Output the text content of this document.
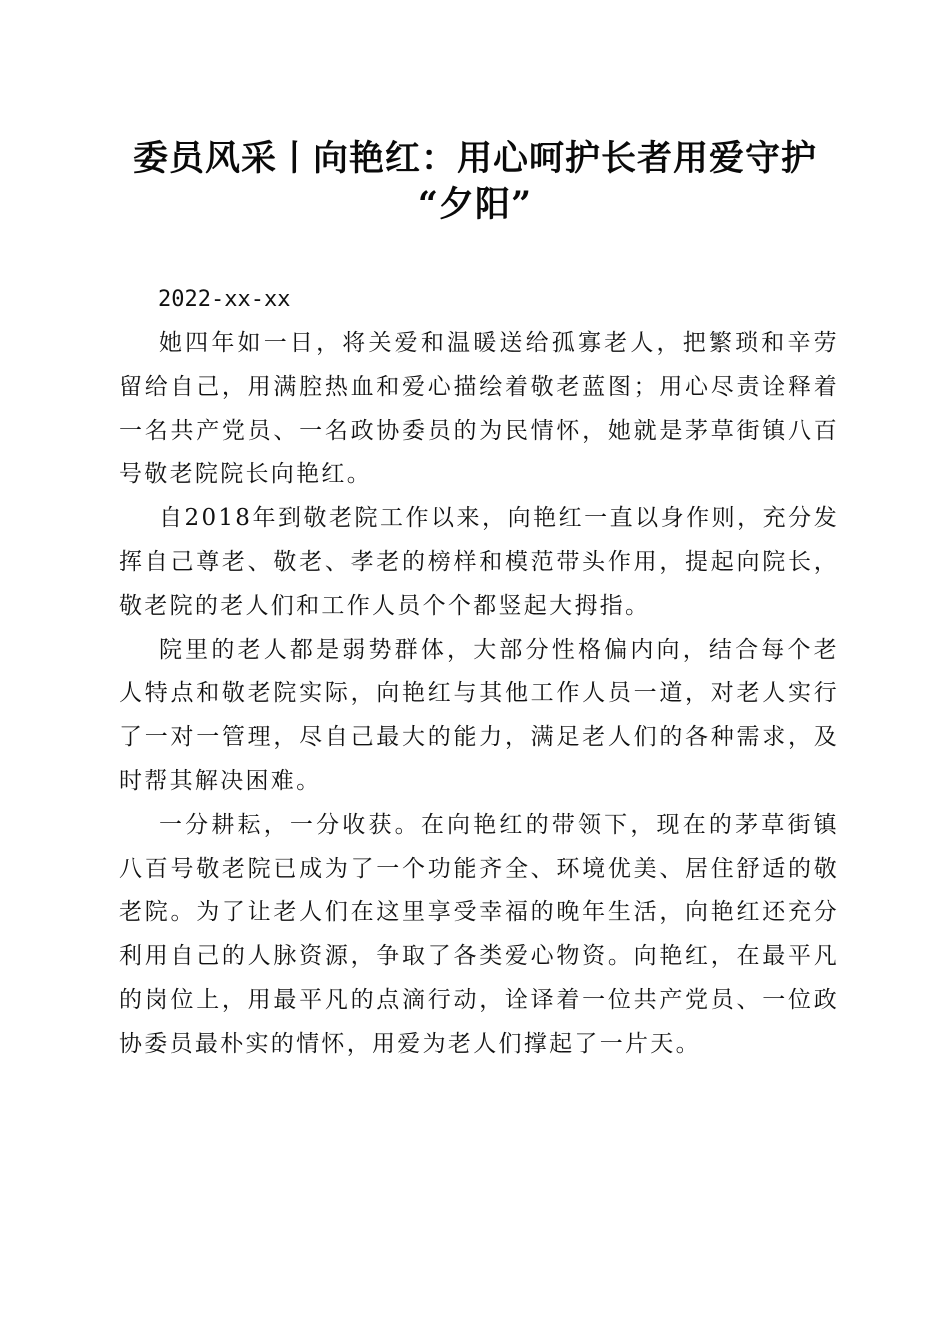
委员风采丨向艳红：用心呵护长者用爱守护
“夕阳”

2022-xx-xx

她四年如一日，将关爱和温暖送给孤寡老人，把繁琐和辛劳留给自己，用满腔热血和爱心描绘着敬老蓝图；用心尽责诠释着一名共产党员、一名政协委员的为民情怀，她就是茅草街镇八百号敬老院院长向艳红。

自2018年到敬老院工作以来，向艳红一直以身作则，充分发挥自己尊老、敬老、孝老的榜样和模范带头作用，提起向院长，敬老院的老人们和工作人员个个都竖起大拇指。

院里的老人都是弱势群体，大部分性格偏内向，结合每个老人特点和敬老院实际，向艳红与其他工作人员一道，对老人实行了一对一管理，尽自己最大的能力，满足老人们的各种需求，及时帮其解决困难。

一分耕耘，一分收获。在向艳红的带领下，现在的茅草街镇八百号敬老院已成为了一个功能齐全、环境优美、居住舒适的敬老院。为了让老人们在这里享受幸福的晚年生活，向艳红还充分利用自己的人脉资源，争取了各类爱心物资。向艳红，在最平凡的岗位上，用最平凡的点滴行动，诠译着一位共产党员、一位政协委员最朴实的情怀，用爱为老人们撑起了一片天。
